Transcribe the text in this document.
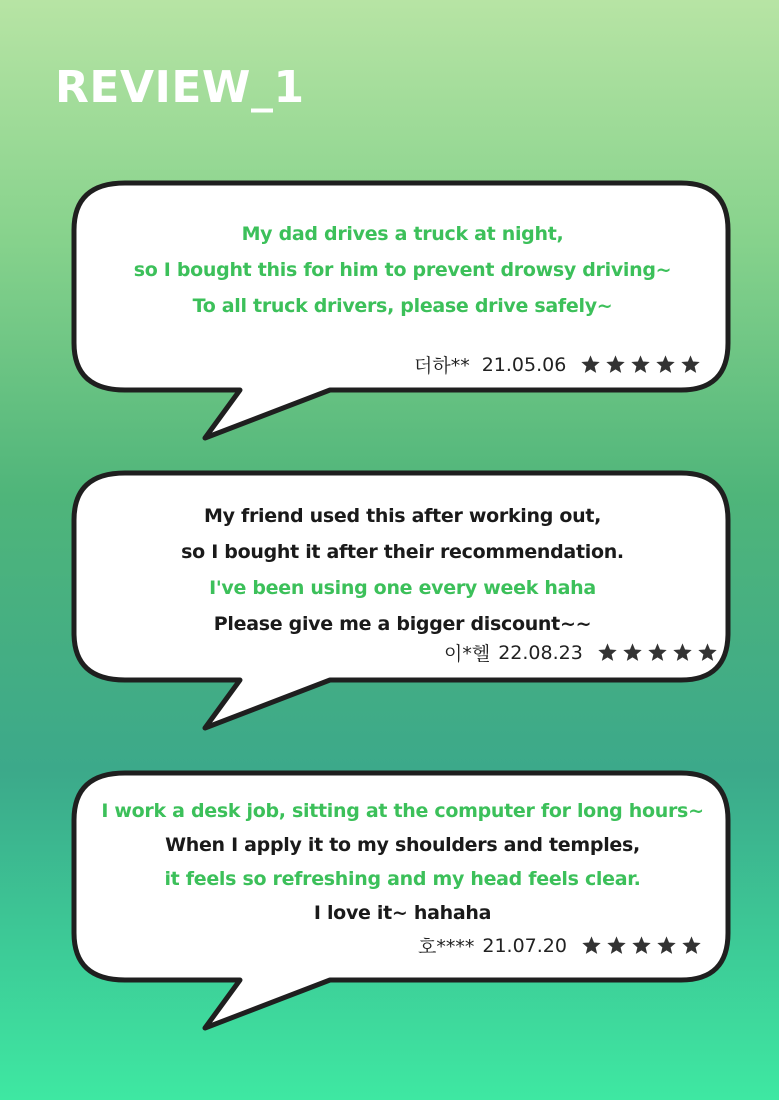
REVIEW_1
My dad drives a truck at night,
so I bought this for him to prevent drowsy driving~
To all truck drivers, please drive safely~
더하** 21.05.06
My friend used this after working out,
so I bought it after their recommendation.
I've been using one every week haha
Please give me a bigger discount~~
이*헬 22.08.23
I work a desk job, sitting at the computer for long hours~
When I apply it to my shoulders and temples,
it feels so refreshing and my head feels clear.
I love it~ hahaha
호**** 21.07.20
